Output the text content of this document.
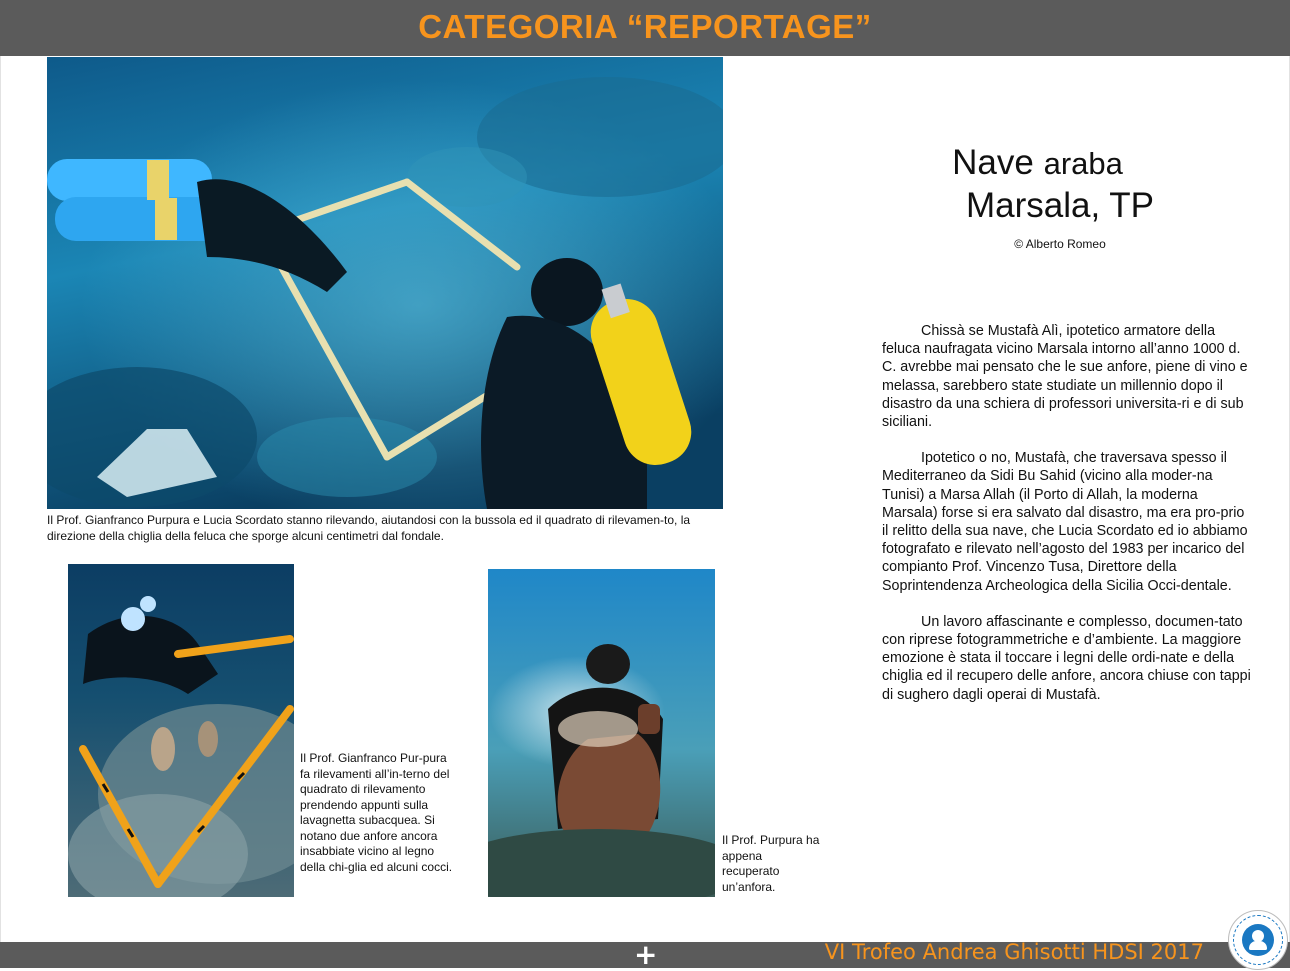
CATEGORIA “REPORTAGE”
Il Prof. Gianfranco Purpura e Lucia Scordato stanno rilevando, aiutandosi con la bussola ed il quadrato di rilevamen-to, la direzione della chiglia della feluca che sporge alcuni centimetri dal fondale.
Il Prof. Gianfranco Pur-pura fa rilevamenti all’in-terno del quadrato di rilevamento prendendo appunti sulla lavagnetta subacquea. Si notano due anfore ancora insabbiate vicino al legno della chi-glia ed alcuni cocci.
Il Prof. Purpura ha appena recuperato un’anfora.
Nave araba
Marsala, TP
© Alberto Romeo

Chissà se Mustafà Alì, ipotetico armatore della feluca naufragata vicino Marsala intorno all’anno 1000 d. C. avrebbe mai pensato che le sue anfore, piene di vino e melassa, sarebbero state studiate un millennio dopo il disastro da una schiera di professori universita-ri e di sub siciliani.

Ipotetico o no, Mustafà, che traversava spesso il Mediterraneo da Sidi Bu Sahid (vicino alla moder-na Tunisi) a Marsa Allah (il Porto di Allah, la moderna Marsala) forse si era salvato dal disastro, ma era pro-prio il relitto della sua nave, che Lucia Scordato ed io abbiamo fotografato e rilevato nell’agosto del 1983 per incarico del compianto Prof. Vincenzo Tusa, Direttore della Soprintendenza Archeologica della Sicilia Occi-dentale.

Un lavoro affascinante e complesso, documen-tato con riprese fotogrammetriche e d’ambiente. La maggiore emozione è stata il toccare i legni delle ordi-nate e della chiglia ed il recupero delle anfore, ancora chiuse con tappi di sughero dagli operai di Mustafà.

+	VI Trofeo Andrea Ghisotti HDSI 2017
